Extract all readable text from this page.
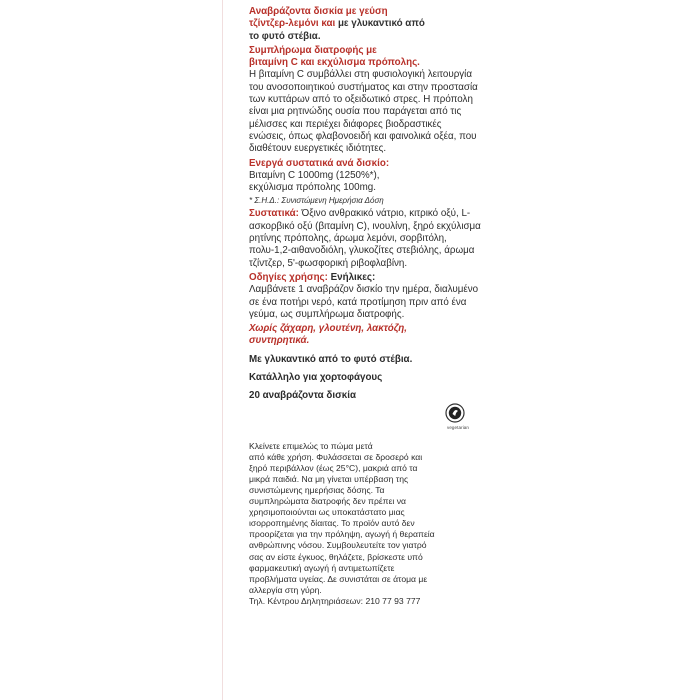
Αναβράζοντα δισκία με γεύση
τζίντζερ-λεμόνι και με γλυκαντικό από
το φυτό στέβια.

Συμπλήρωμα διατροφής με
βιταμίνη C και εκχύλισμα πρόπολης.

Η βιταμίνη C συμβάλλει στη φυσιολογική λειτουργία του ανοσοποιητικού συστήματος και στην προστασία των κυττάρων από το οξειδωτικό στρες. Η πρόπολη είναι μια ρητινώδης ουσία που παράγεται από τις μέλισσες και περιέχει διάφορες βιοδραστικές ενώσεις, όπως φλαβονοειδή και φαινολικά οξέα, που διαθέτουν ευεργετικές ιδιότητες.

Ενεργά συστατικά ανά δισκίο:

Βιταμίνη C 1000mg (1250%*),
εκχύλισμα πρόπολης 100mg.

* Σ.Η.Δ.: Συνιστώμενη Ημερήσια Δόση

Συστατικά: Όξινο ανθρακικό νάτριο, κιτρικό οξύ, L-ασκορβικό οξύ (βιταμίνη C), ινουλίνη, ξηρό εκχύλισμα ρητίνης πρόπολης, άρωμα λεμόνι, σορβιτόλη, πολυ-1,2-αιθανοδιόλη, γλυκοζίτες στεβιόλης, άρωμα τζίντζερ, 5'-φωσφορική ριβοφλαβίνη.

Οδηγίες χρήσης: Ενήλικες:

Λαμβάνετε 1 αναβράζον δισκίο την ημέρα, διαλυμένο σε ένα ποτήρι νερό, κατά προτίμηση πριν από ένα γεύμα, ως συμπλήρωμα διατροφής.

Χωρίς ζάχαρη, γλουτένη, λακτόζη,
συντηρητικά.

Με γλυκαντικό από το φυτό στέβια.

Κατάλληλο για χορτοφάγους

20 αναβράζοντα δισκία

vegetarian

Κλείνετε επιμελώς το πώμα μετά

από κάθε χρήση. Φυλάσσεται σε δροσερό και

ξηρό περιβάλλον (έως 25°C), μακριά από τα

μικρά παιδιά. Να μη γίνεται υπέρβαση της

συνιστώμενης ημερήσιας δόσης. Τα

συμπληρώματα διατροφής δεν πρέπει να

χρησιμοποιούνται ως υποκατάστατο μιας

ισορροπημένης δίαιτας. Το προϊόν αυτό δεν

προορίζεται για την πρόληψη, αγωγή ή θεραπεία

ανθρώπινης νόσου. Συμβουλευτείτε τον γιατρό

σας αν είστε έγκυος, θηλάζετε, βρίσκεστε υπό

φαρμακευτική αγωγή ή αντιμετωπίζετε

προβλήματα υγείας. Δε συνιστάται σε άτομα με

αλλεργία στη γύρη.

Τηλ. Κέντρου Δηλητηριάσεων: 210 77 93 777
